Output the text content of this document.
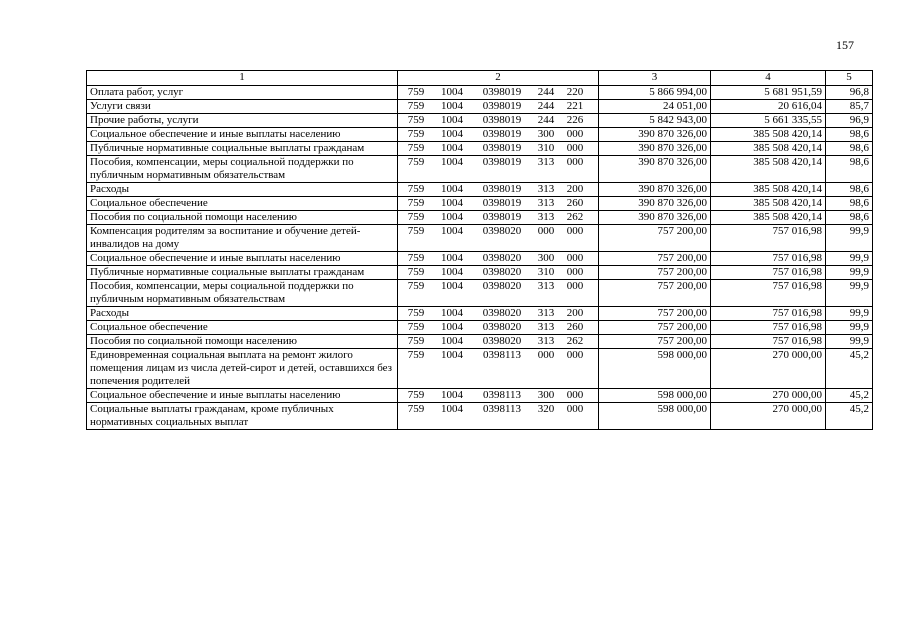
157
1	2	3	4	5
Оплата работ, услуг	759 1004 0398019 244 220	5 866 994,00	5 681 951,59	96,8
Услуги связи	759 1004 0398019 244 221	24 051,00	20 616,04	85,7
Прочие работы, услуги	759 1004 0398019 244 226	5 842 943,00	5 661 335,55	96,9
Социальное обеспечение и иные выплаты населению	759 1004 0398019 300 000	390 870 326,00	385 508 420,14	98,6
Публичные нормативные социальные выплаты гражданам	759 1004 0398019 310 000	390 870 326,00	385 508 420,14	98,6
Пособия, компенсации, меры социальной поддержки по публичным нормативным обязательствам	759 1004 0398019 313 000	390 870 326,00	385 508 420,14	98,6
Расходы	759 1004 0398019 313 200	390 870 326,00	385 508 420,14	98,6
Социальное обеспечение	759 1004 0398019 313 260	390 870 326,00	385 508 420,14	98,6
Пособия по социальной помощи населению	759 1004 0398019 313 262	390 870 326,00	385 508 420,14	98,6
Компенсация родителям за воспитание и обучение детей-инвалидов на дому	759 1004 0398020 000 000	757 200,00	757 016,98	99,9
Социальное обеспечение и иные выплаты населению	759 1004 0398020 300 000	757 200,00	757 016,98	99,9
Публичные нормативные социальные выплаты гражданам	759 1004 0398020 310 000	757 200,00	757 016,98	99,9
Пособия, компенсации, меры социальной поддержки по публичным нормативным обязательствам	759 1004 0398020 313 000	757 200,00	757 016,98	99,9
Расходы	759 1004 0398020 313 200	757 200,00	757 016,98	99,9
Социальное обеспечение	759 1004 0398020 313 260	757 200,00	757 016,98	99,9
Пособия по социальной помощи населению	759 1004 0398020 313 262	757 200,00	757 016,98	99,9
Единовременная социальная выплата на ремонт жилого помещения лицам из числа детей-сирот и детей, оставшихся без попечения родителей	759 1004 0398113 000 000	598 000,00	270 000,00	45,2
Социальное обеспечение и иные выплаты населению	759 1004 0398113 300 000	598 000,00	270 000,00	45,2
Социальные выплаты гражданам, кроме публичных нормативных социальных выплат	759 1004 0398113 320 000	598 000,00	270 000,00	45,2
